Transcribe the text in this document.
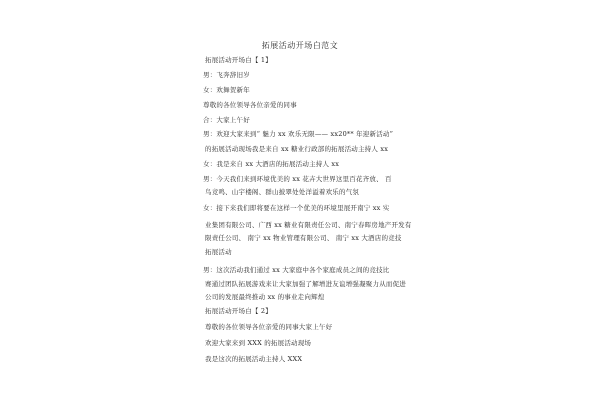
拓展活动开场白范文
拓展活动开场白【 1】
男：飞奔辞旧岁
女：欢舞贺新年
尊敬的各位领导各位亲爱的同事
合：大家上午好
男：欢迎大家来到“ 魅力 xx 欢乐无限—— xx20** 年迎新活动”
的拓展活动现场我是来自 xx 糖业行政部的拓展活动主持人 xx
女：我是来自 xx 大酒店的拓展活动主持人 xx
男：今天我们来到环境优美的 xx 花卉大世界这里百花齐放、 百
鸟竞鸣、山宇楼阁、群山披翠处处洋溢着欢乐的气氛
女：接下来我们即将要在这样一个优美的环境里展开南宁 xx 实
业集团有限公司、广西 xx 糖业有限责任公司、南宁春晖房地产开发有
限责任公司、 南宁 xx 物业管理有限公司、 南宁 xx 大酒店的竞技
拓展活动
男：这次活动我们通过 xx 大家庭中各个家庭成员之间的竞技比
赛通过团队拓展游戏来让大家加强了解增进友谊增强凝聚力从而促进
公司的发展最终推动 xx 的事业走向辉煌
拓展活动开场白【 2】
尊敬的各位领导各位亲爱的同事大家上午好
欢迎大家来到 XXX 的拓展活动现场
我是这次的拓展活动主持人 XXX
